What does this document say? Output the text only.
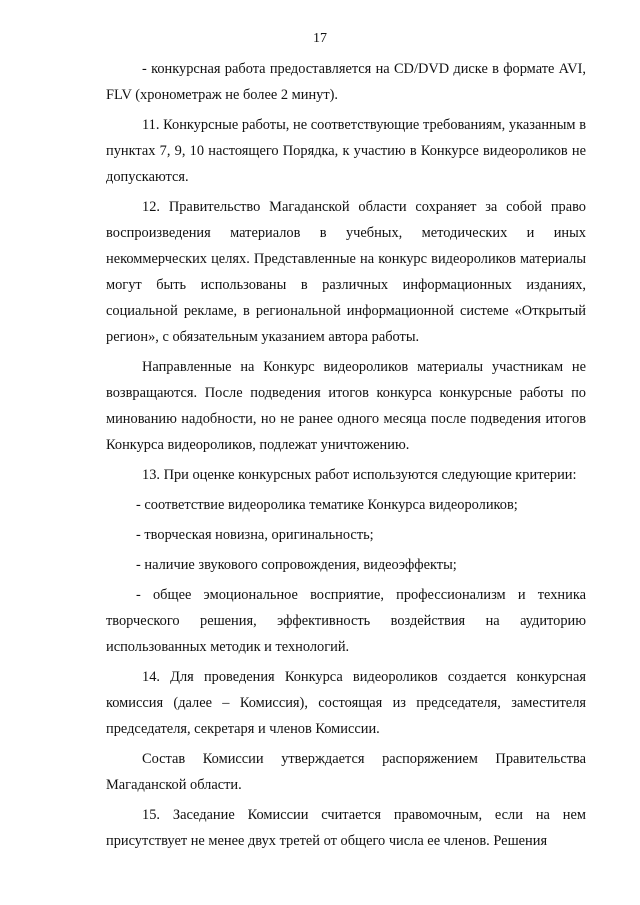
17

- конкурсная работа предоставляется на CD/DVD диске в формате AVI, FLV (хронометраж не более 2 минут).

11. Конкурсные работы, не соответствующие требованиям, указанным в пунктах 7, 9, 10 настоящего Порядка, к участию в Конкурсе видеороликов не допускаются.

12. Правительство Магаданской области сохраняет за собой право воспроизведения материалов в учебных, методических и иных некоммерческих целях. Представленные на конкурс видеороликов материалы могут быть использованы в различных информационных изданиях, социальной рекламе, в региональной информационной системе «Открытый регион», с обязательным указанием автора работы.

Направленные на Конкурс видеороликов материалы участникам не возвращаются. После подведения итогов конкурса конкурсные работы по минованию надобности, но не ранее одного месяца после подведения итогов Конкурса видеороликов, подлежат уничтожению.

13. При оценке конкурсных работ используются следующие критерии:

- соответствие видеоролика тематике Конкурса видеороликов;

- творческая новизна, оригинальность;

- наличие звукового сопровождения, видеоэффекты;

- общее эмоциональное восприятие, профессионализм и техника творческого решения, эффективность воздействия на аудиторию использованных методик и технологий.

14. Для проведения Конкурса видеороликов создается конкурсная комиссия (далее – Комиссия), состоящая из председателя, заместителя председателя, секретаря и членов Комиссии.

Состав Комиссии утверждается распоряжением Правительства Магаданской области.

15. Заседание Комиссии считается правомочным, если на нем присутствует не менее двух третей от общего числа ее членов. Решения
